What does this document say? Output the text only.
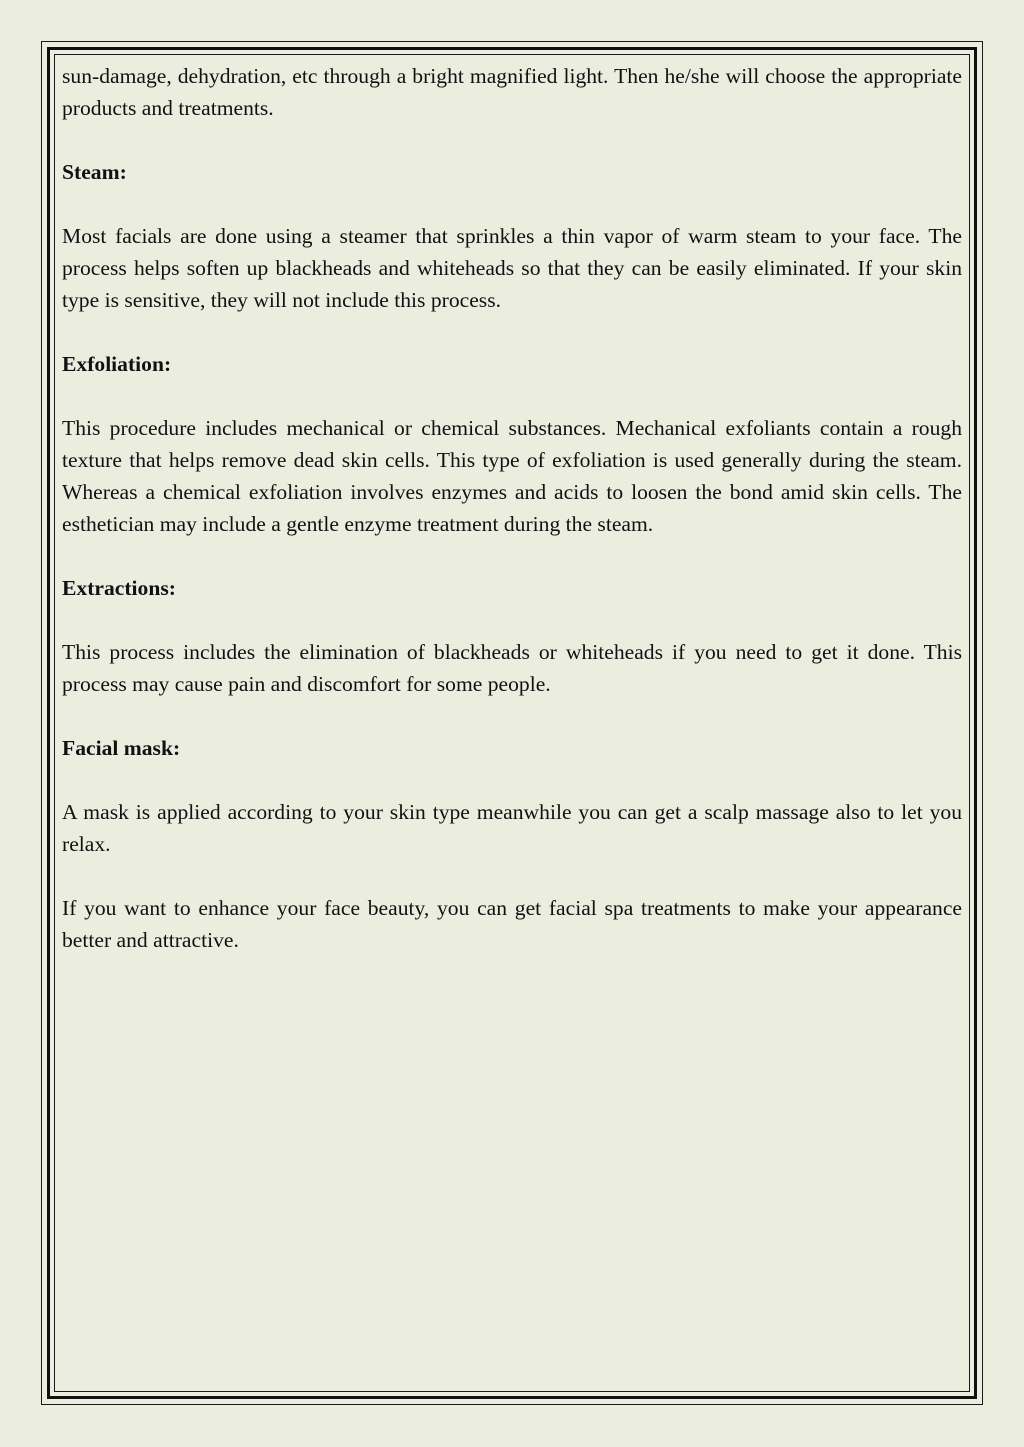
sun-damage, dehydration, etc through a bright magnified light. Then he/she will choose the appropriate products and treatments.

Steam:

Most facials are done using a steamer that sprinkles a thin vapor of warm steam to your face. The process helps soften up blackheads and whiteheads so that they can be easily eliminated. If your skin type is sensitive, they will not include this process.

Exfoliation:

This procedure includes mechanical or chemical substances. Mechanical exfoliants contain a rough texture that helps remove dead skin cells. This type of exfoliation is used generally during the steam. Whereas a chemical exfoliation involves enzymes and acids to loosen the bond amid skin cells. The esthetician may include a gentle enzyme treatment during the steam.

Extractions:

This process includes the elimination of blackheads or whiteheads if you need to get it done. This process may cause pain and discomfort for some people.

Facial mask:

A mask is applied according to your skin type meanwhile you can get a scalp massage also to let you relax.

If you want to enhance your face beauty, you can get facial spa treatments to make your appearance better and attractive.
